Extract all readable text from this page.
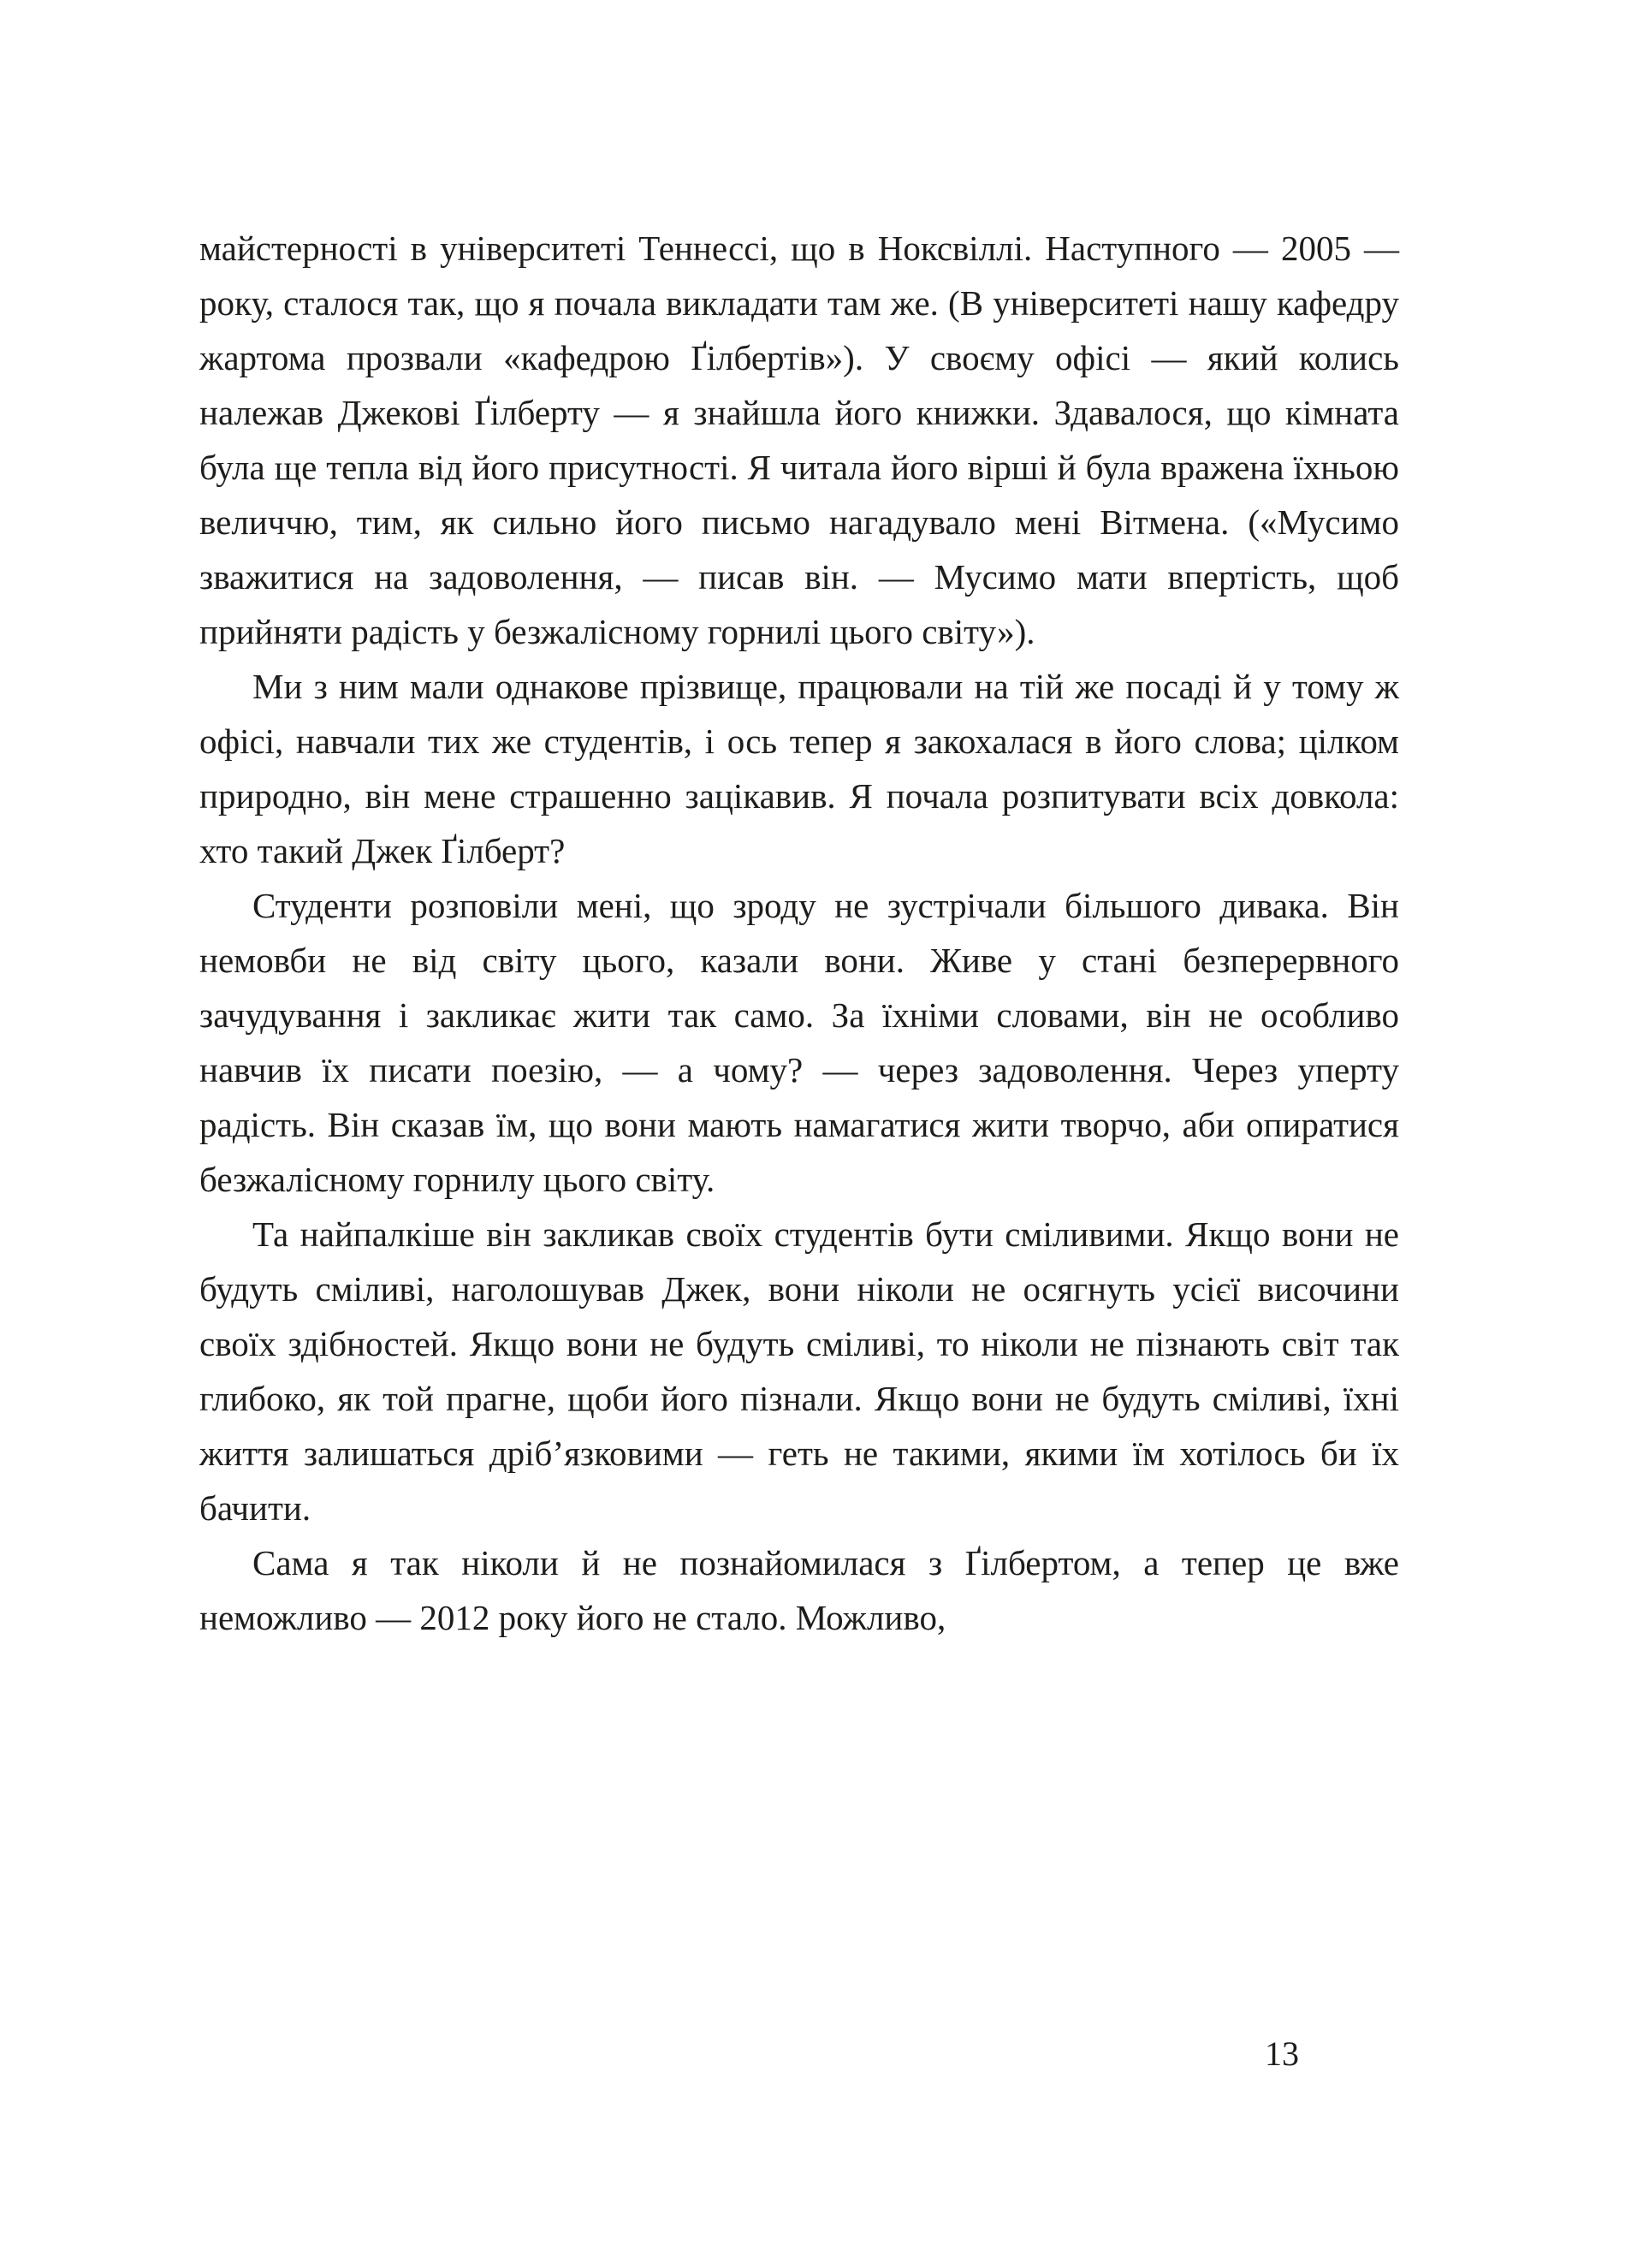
майстерності в університеті Теннессі, що в Ноксвіллі. Наступного — 2005 — року, сталося так, що я почала викладати там же. (В університеті нашу кафедру жартома прозвали «кафедрою Ґілбертів»). У своєму офісі — який колись належав Джекові Ґілберту — я знайшла його книжки. Здавалося, що кімната була ще тепла від його присутності. Я читала його вірші й була вражена їхньою величчю, тим, як сильно його письмо нагадувало мені Вітмена. («Мусимо зважитися на задоволення, — писав він. — Мусимо мати впертість, щоб прийняти радість у безжалісному горнилі цього світу»).

Ми з ним мали однакове прізвище, працювали на тій же посаді й у тому ж офісі, навчали тих же студентів, і ось тепер я закохалася в його слова; цілком природно, він мене страшенно зацікавив. Я почала розпитувати всіх довкола: хто такий Джек Ґілберт?

Студенти розповіли мені, що зроду не зустрічали більшого дивака. Він немовби не від світу цього, казали вони. Живе у стані безперервного зачудування і закликає жити так само. За їхніми словами, він не особливо навчив їх писати поезію, — а чому? — через задоволення. Через уперту радість. Він сказав їм, що вони мають намагатися жити творчо, аби опиратися безжалісному горнилу цього світу.

Та найпалкіше він закликав своїх студентів бути сміливими. Якщо вони не будуть сміливі, наголошував Джек, вони ніколи не осягнуть усієї височини своїх здібностей. Якщо вони не будуть сміливі, то ніколи не пізнають світ так глибоко, як той прагне, щоби його пізнали. Якщо вони не будуть сміливі, їхні життя залишаться дріб’язковими — геть не такими, якими їм хотілось би їх бачити.

Сама я так ніколи й не познайомилася з Ґілбертом, а тепер це вже неможливо — 2012 року його не стало. Можливо,

13
